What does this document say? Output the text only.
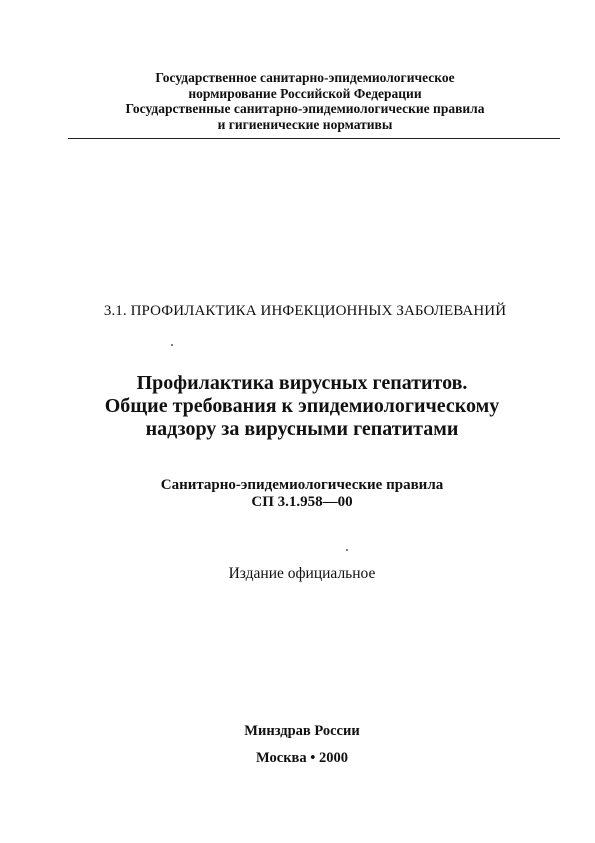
Государственное санитарно-эпидемиологическое
нормирование Российской Федерации
Государственные санитарно-эпидемиологические правила
и гигиенические нормативы
3.1. ПРОФИЛАКТИКА ИНФЕКЦИОННЫХ ЗАБОЛЕВАНИЙ
Профилактика вирусных гепатитов.
Общие требования к эпидемиологическому
надзору за вирусными гепатитами
Санитарно-эпидемиологические правила
СП 3.1.958—00
Издание официальное
Минздрав России
Москва • 2000
